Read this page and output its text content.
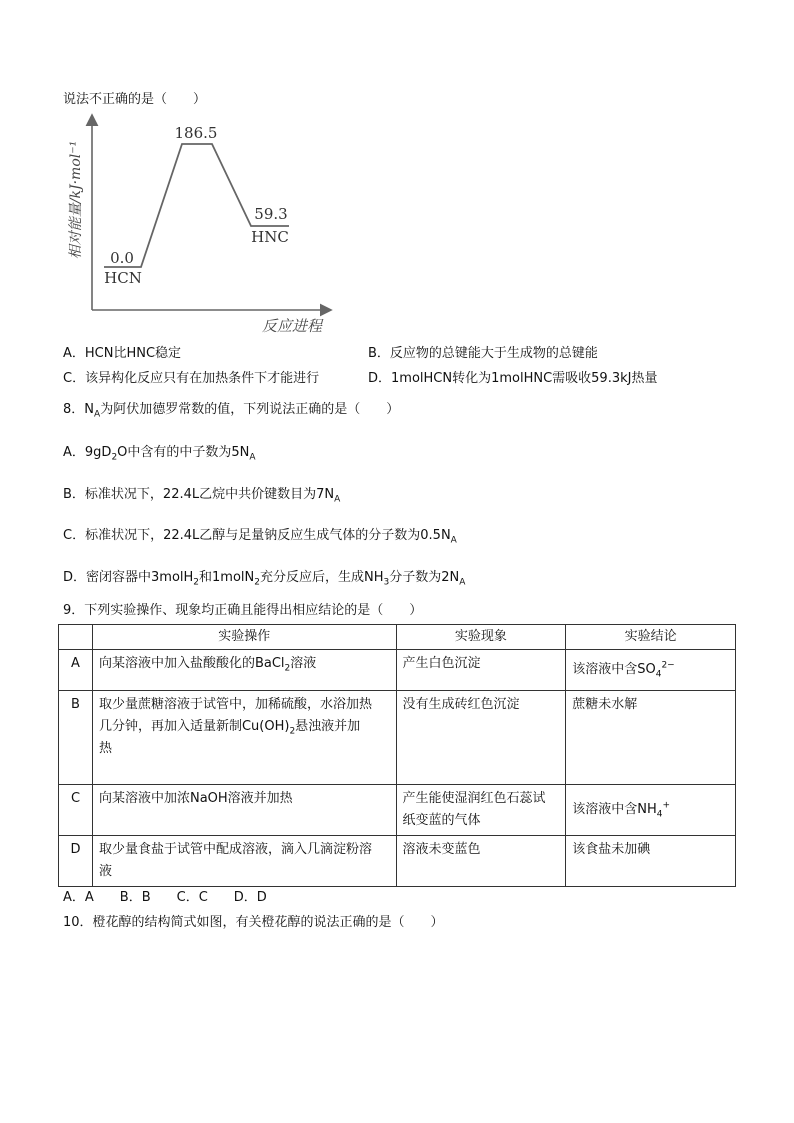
说法不正确的是（　　）
相对能量/kJ·mol⁻¹
反应进程
0.0
HCN
186.5
59.3
HNC
A．HCN比HNC稳定	B．反应物的总键能大于生成物的总键能
C．该异构化反应只有在加热条件下才能进行	D．1molHCN转化为1molHNC需吸收59.3kJ热量
8．$N_A$为阿伏加德罗常数的值，下列说法正确的是（　　）
A．$9gD_2O$中含有的中子数为$5N_A$
B．标准状况下，22.4L乙烷中共价键数目为$7N_A$
C．标准状况下，22.4L乙醇与足量钠反应生成气体的分子数为$0.5N_A$
D．密闭容器中3molH$_2$和1molN$_2$充分反应后，生成$NH_3$分子数为$2N_A$
9．下列实验操作、现象均正确且能得出相应结论的是（　　）
	实验操作	实验现象	实验结论
A	向某溶液中加入盐酸酸化的BaCl$_2$溶液	产生白色沉淀	该溶液中含$SO_4^{2-}$
B	取少量蔗糖溶液于试管中，加稀硫酸，水浴加热
几分钟，再加入适量新制$Cu(OH)_2$悬浊液并加
热	没有生成砖红色沉淀	蔗糖未水解
C	向某溶液中加浓NaOH溶液并加热	产生能使湿润红色石蕊试
纸变蓝的气体	该溶液中含$NH_4^+$
D	取少量食盐于试管中配成溶液，滴入几滴淀粉溶
液	溶液未变蓝色	该食盐未加碘
A．A　　B．B　　C．C　　D．D
10．橙花醇的结构简式如图，有关橙花醇的说法正确的是（　　）
